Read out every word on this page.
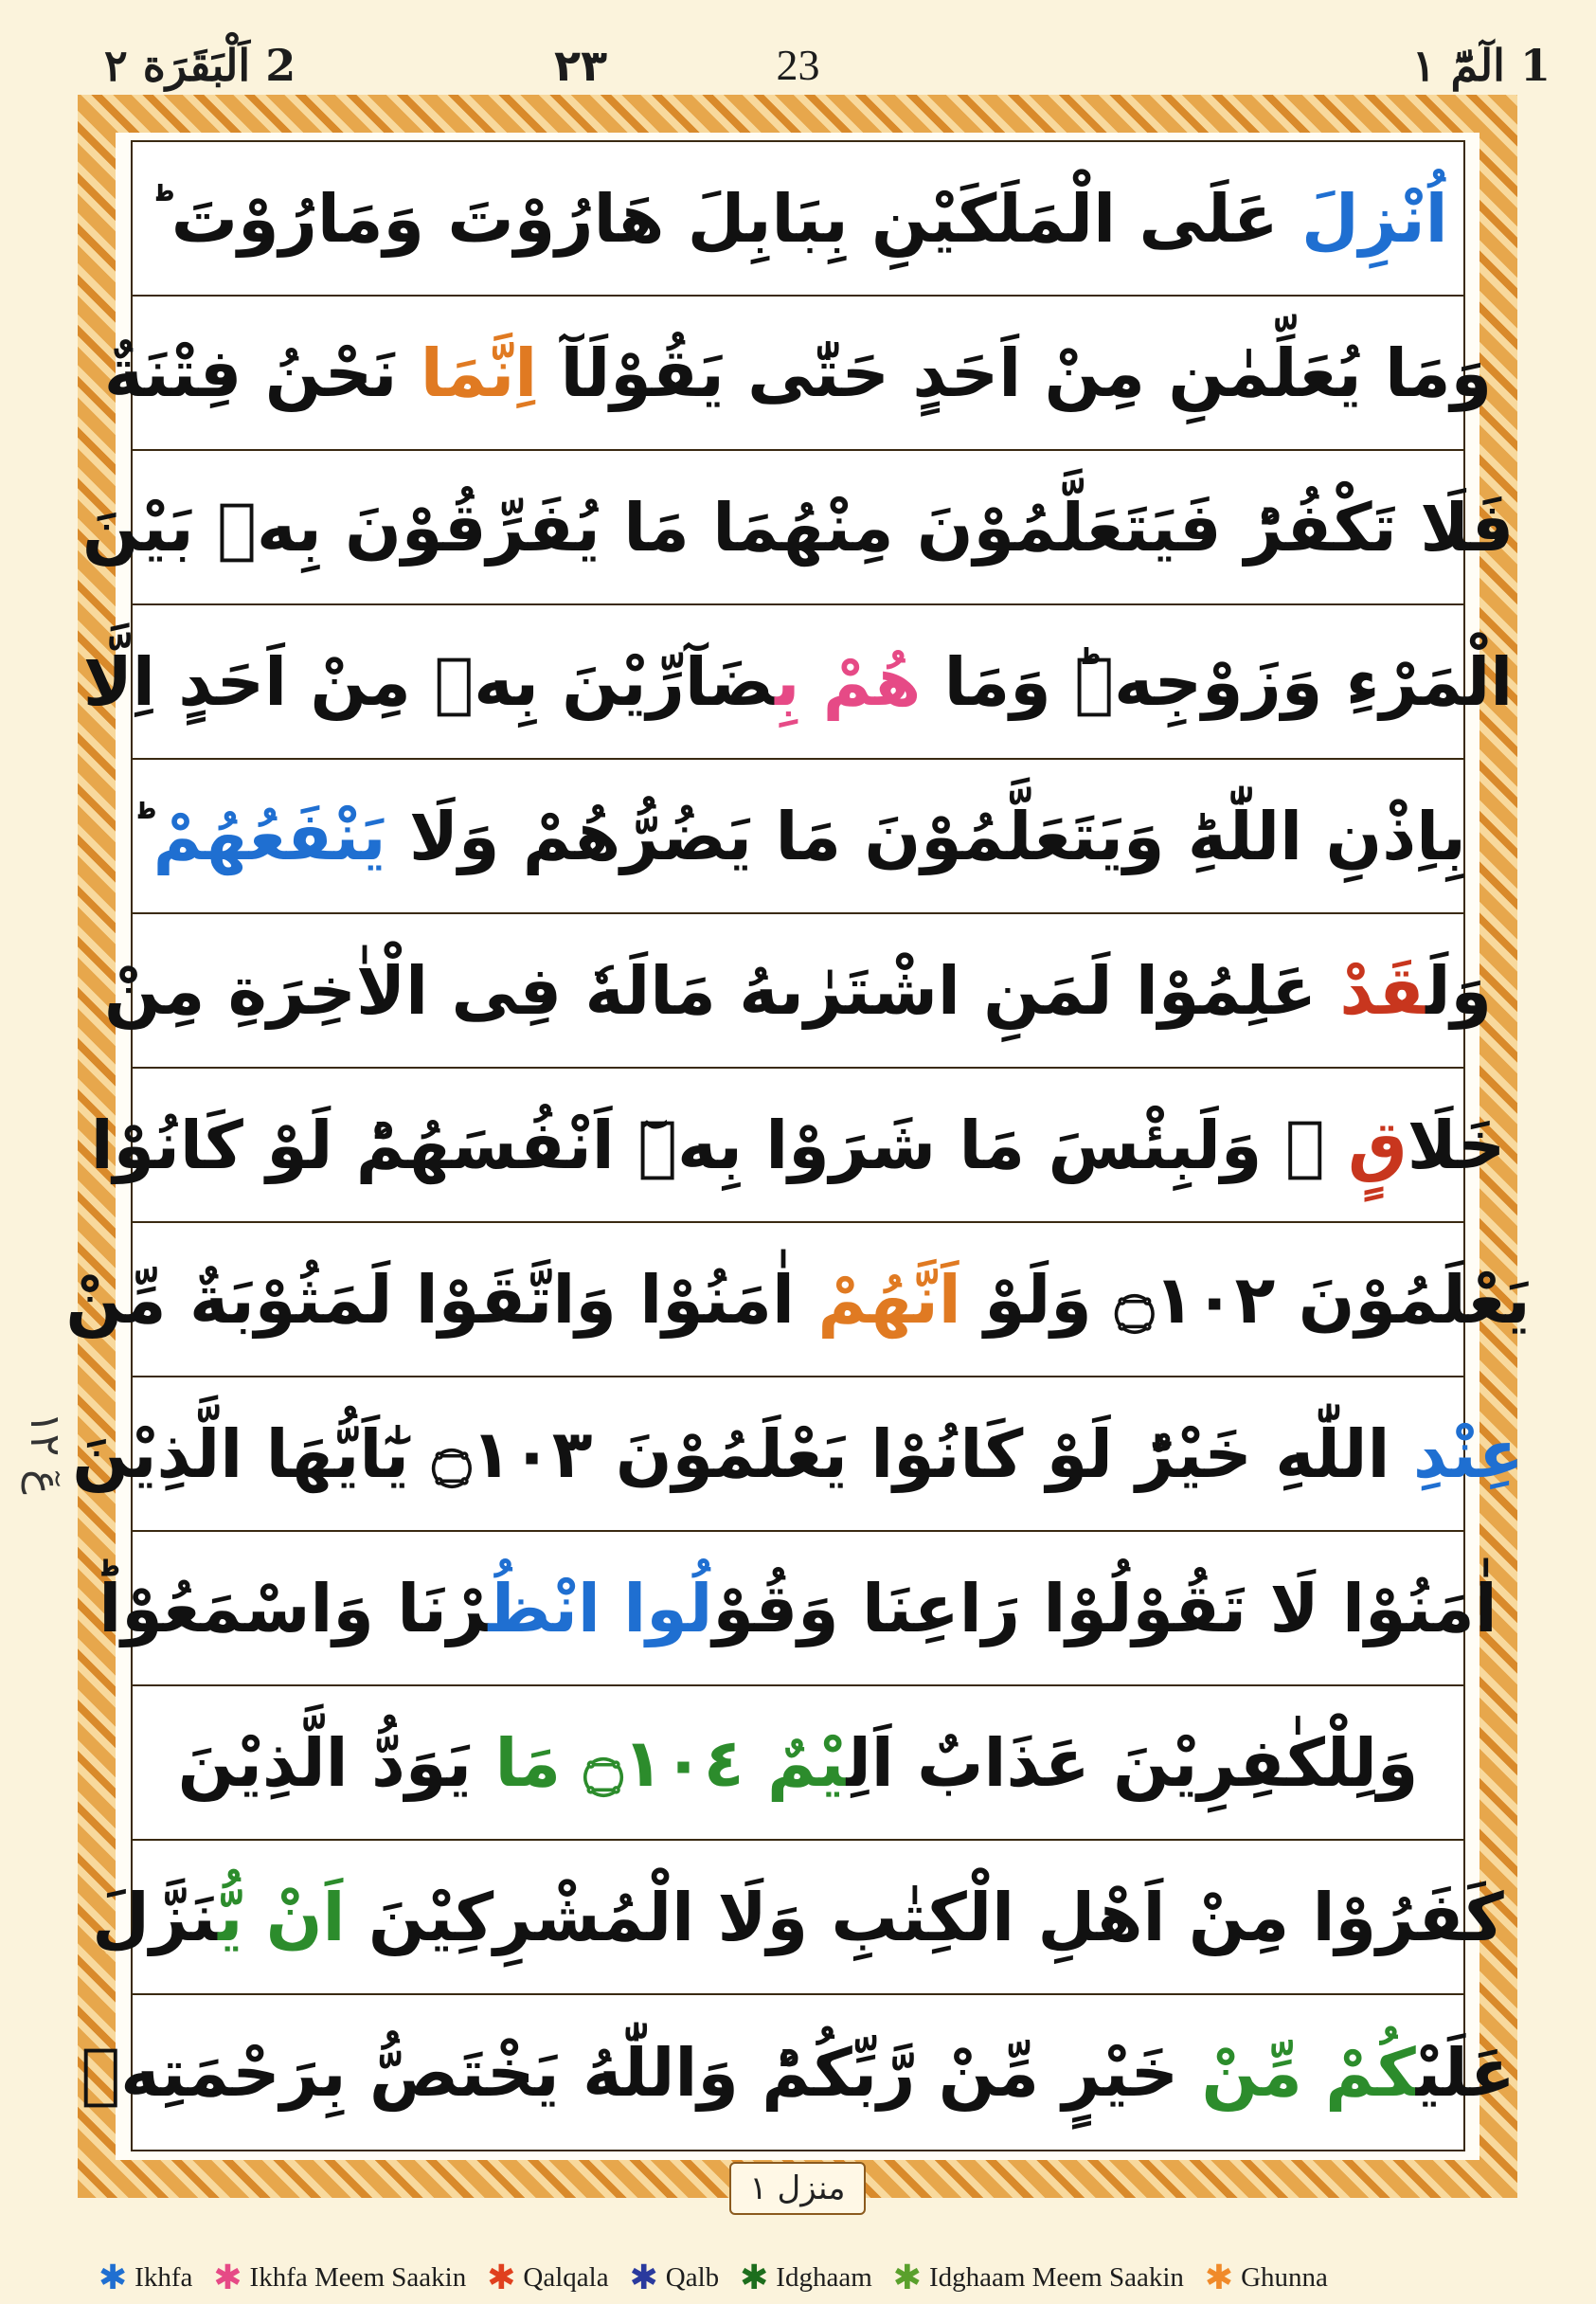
1 الٓمّٓ ١
23
٢٣
2 اَلْبَقَرَة ٢
اُنْزِلَ عَلَى الْمَلَكَيْنِ بِبَابِلَ هَارُوْتَ وَمَارُوْتَ ؕ
وَمَا يُعَلِّمٰنِ مِنْ اَحَدٍ حَتّٰى يَقُوْلَآ اِنَّمَا نَحْنُ فِتْنَةٌ
فَلَا تَكْفُرْؕ فَيَتَعَلَّمُوْنَ مِنْهُمَا مَا يُفَرِّقُوْنَ بِهٖ بَيْنَ
الْمَرْءِ وَزَوْجِهٖؕ وَمَا هُمْ بِضَآرِّيْنَ بِهٖ مِنْ اَحَدٍ اِلَّا
بِاِذْنِ اللّٰهِؕ وَيَتَعَلَّمُوْنَ مَا يَضُرُّهُمْ وَلَا يَنْفَعُهُمْ ؕ
وَلَقَدْ عَلِمُوْا لَمَنِ اشْتَرٰىهُ مَالَهٗ فِى الْاٰخِرَةِ مِنْ
خَلَاقٍ ۫ وَلَبِئْسَ مَا شَرَوْا بِهٖٓ اَنْفُسَهُمْؕ لَوْ كَانُوْا
يَعْلَمُوْنَ ۝١٠٢ وَلَوْ اَنَّهُمْ اٰمَنُوْا وَاتَّقَوْا لَمَثُوْبَةٌ مِّنْ
عِنْدِ اللّٰهِ خَيْرٌؕ لَوْ كَانُوْا يَعْلَمُوْنَ ۝١٠٣ يٰٓاَيُّهَا الَّذِيْنَ
اٰمَنُوْا لَا تَقُوْلُوْا رَاعِنَا وَقُوْلُوا انْظُرْنَا وَاسْمَعُوْاؕ
وَلِلْكٰفِرِيْنَ عَذَابٌ اَلِيْمٌ ۝١٠٤ مَا يَوَدُّ الَّذِيْنَ
كَفَرُوْا مِنْ اَهْلِ الْكِتٰبِ وَلَا الْمُشْرِكِيْنَ اَنْ يُّنَزَّلَ
عَلَيْكُمْ مِّنْ خَيْرٍ مِّنْ رَّبِّكُمْؕ وَاللّٰهُ يَخْتَصُّ بِرَحْمَتِهٖ
عٓ ١٢
منزل ١
✱ Ikhfa ✱ Ikhfa Meem Saakin ✱ Qalqala ✱ Qalb ✱ Idghaam ✱ Idghaam Meem Saakin ✱ Ghunna
